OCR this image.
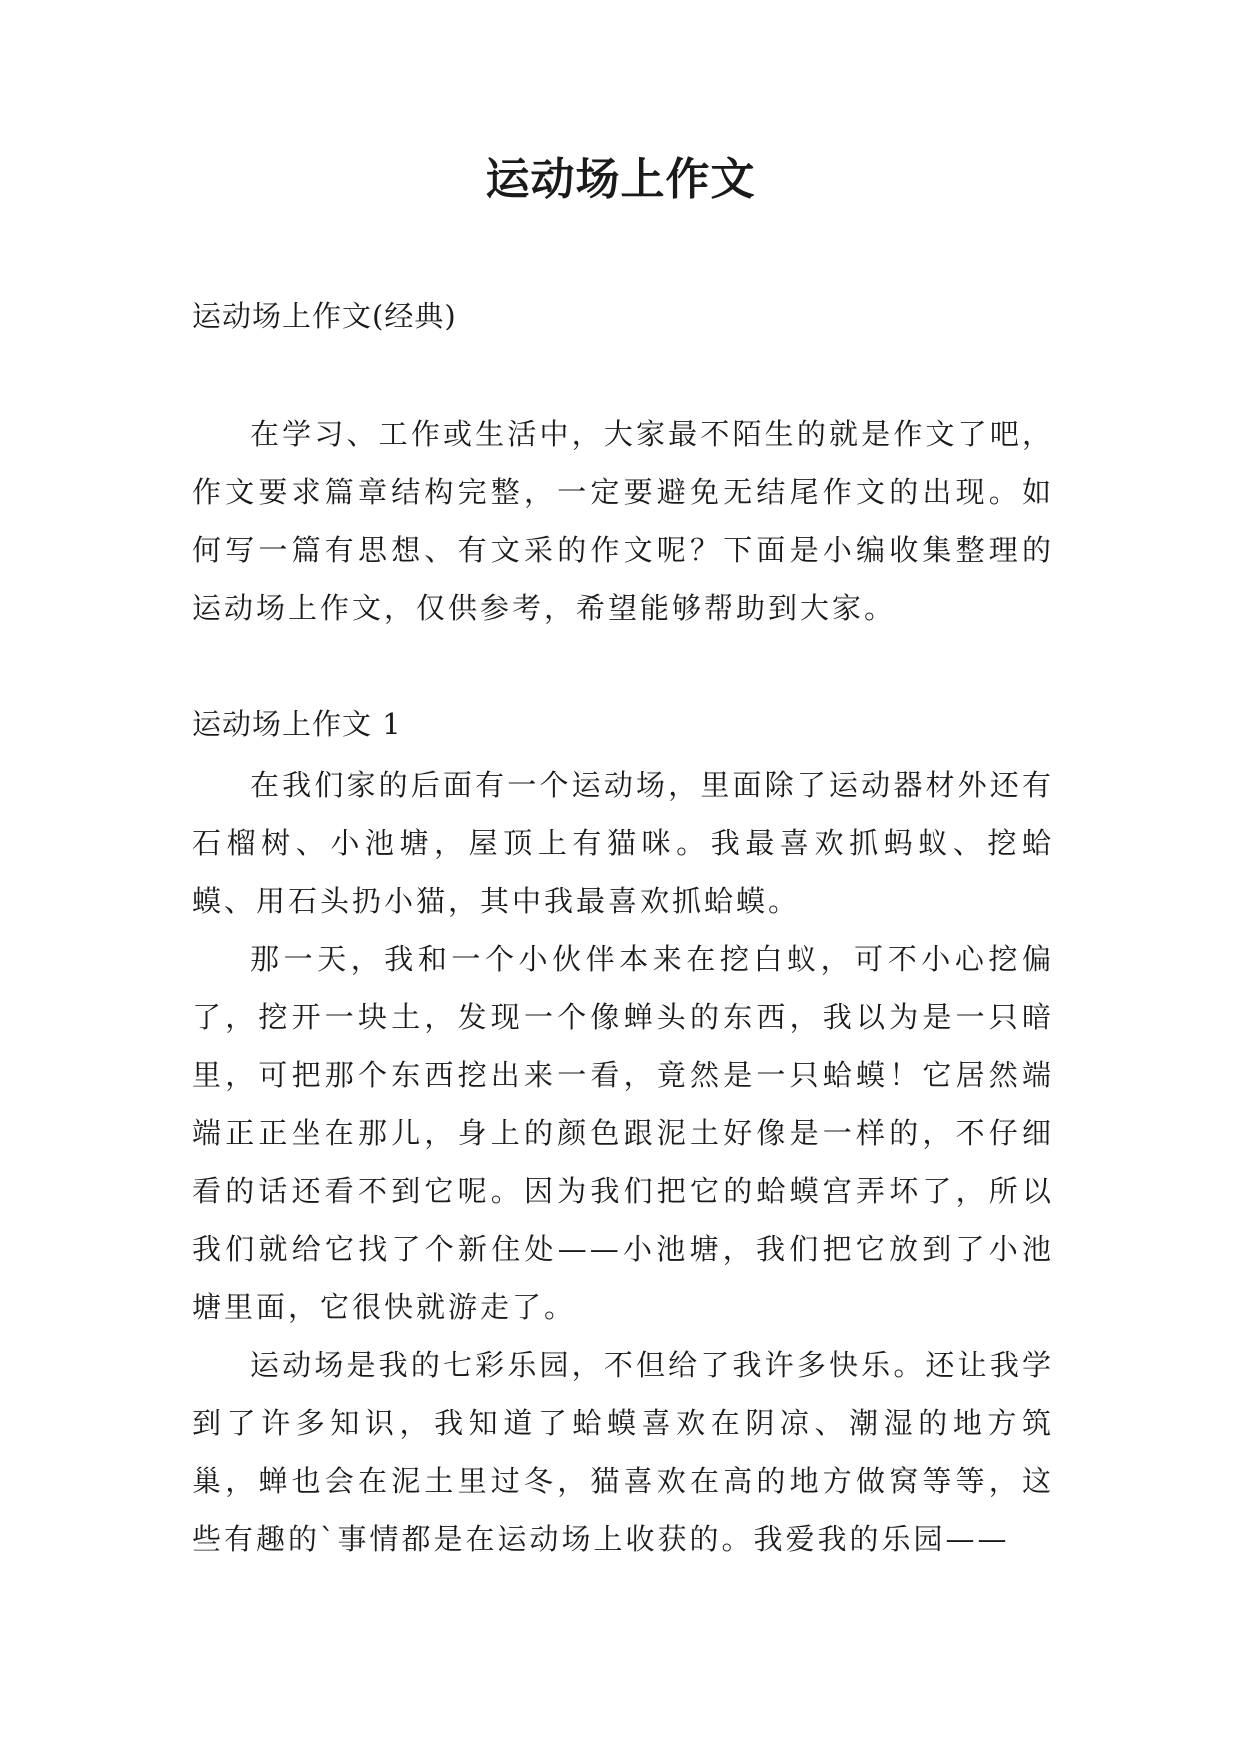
运动场上作文
运动场上作文(经典)

在学习、工作或生活中，大家最不陌生的就是作文了吧，作文要求篇章结构完整，一定要避免无结尾作文的出现。如何写一篇有思想、有文采的作文呢？下面是小编收集整理的运动场上作文，仅供参考，希望能够帮助到大家。

运动场上作文 1

在我们家的后面有一个运动场，里面除了运动器材外还有石榴树、小池塘，屋顶上有猫咪。我最喜欢抓蚂蚁、挖蛤蟆、用石头扔小猫，其中我最喜欢抓蛤蟆。

那一天，我和一个小伙伴本来在挖白蚁，可不小心挖偏了，挖开一块土，发现一个像蝉头的东西，我以为是一只暗里，可把那个东西挖出来一看，竟然是一只蛤蟆！它居然端端正正坐在那儿，身上的颜色跟泥土好像是一样的，不仔细看的话还看不到它呢。因为我们把它的蛤蟆宫弄坏了，所以我们就给它找了个新住处——小池塘，我们把它放到了小池塘里面，它很快就游走了。

运动场是我的七彩乐园，不但给了我许多快乐。还让我学到了许多知识，我知道了蛤蟆喜欢在阴凉、潮湿的地方筑巢，蝉也会在泥土里过冬，猫喜欢在高的地方做窝等等，这些有趣的`事情都是在运动场上收获的。我爱我的乐园——
